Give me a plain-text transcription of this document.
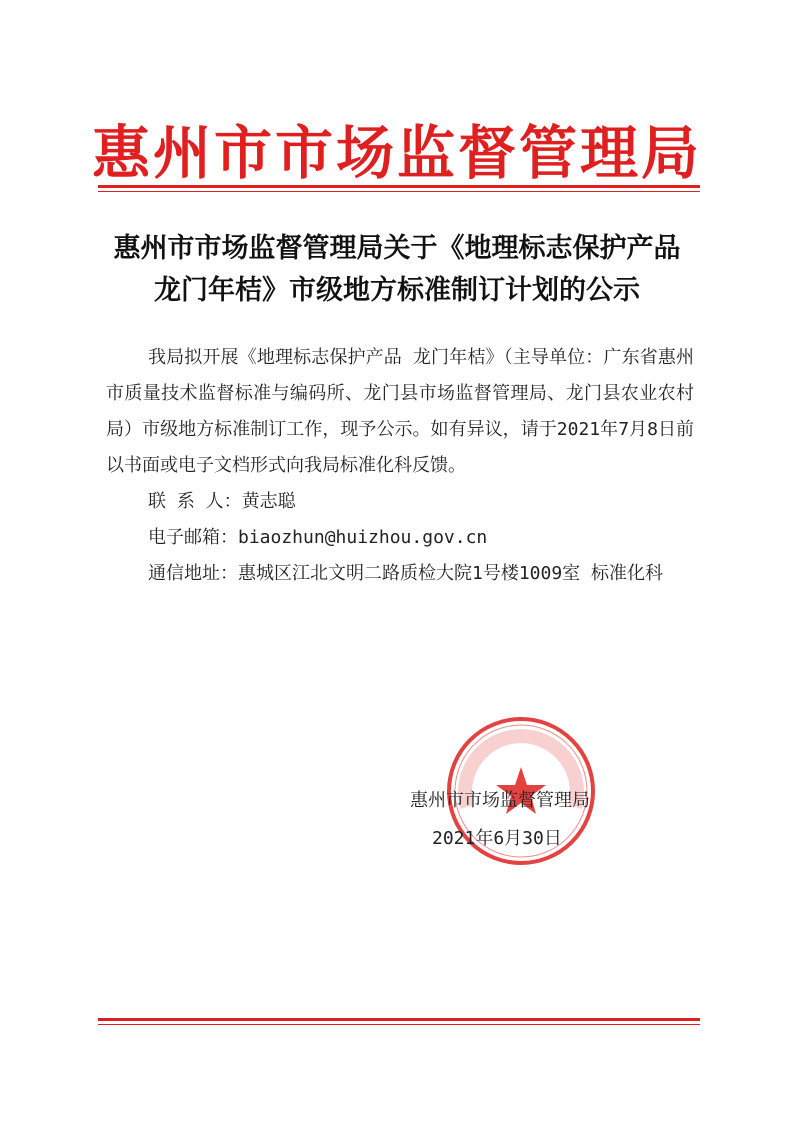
惠州市市场监督管理局
惠州市市场监督管理局关于《地理标志保护产品
龙门年桔》市级地方标准制订计划的公示

我局拟开展《地理标志保护产品 龙门年桔》（主导单位：广东省惠州市质量技术监督标准与编码所、龙门县市场监督管理局、龙门县农业农村局）市级地方标准制订工作，现予公示。如有异议，请于2021年7月8日前以书面或电子文档形式向我局标准化科反馈。

联 系 人：黄志聪

电子邮箱：biaozhun@huizhou.gov.cn

通信地址：惠城区江北文明二路质检大院1号楼1009室 标准化科

惠州市市场监督管理局
2021年6月30日
